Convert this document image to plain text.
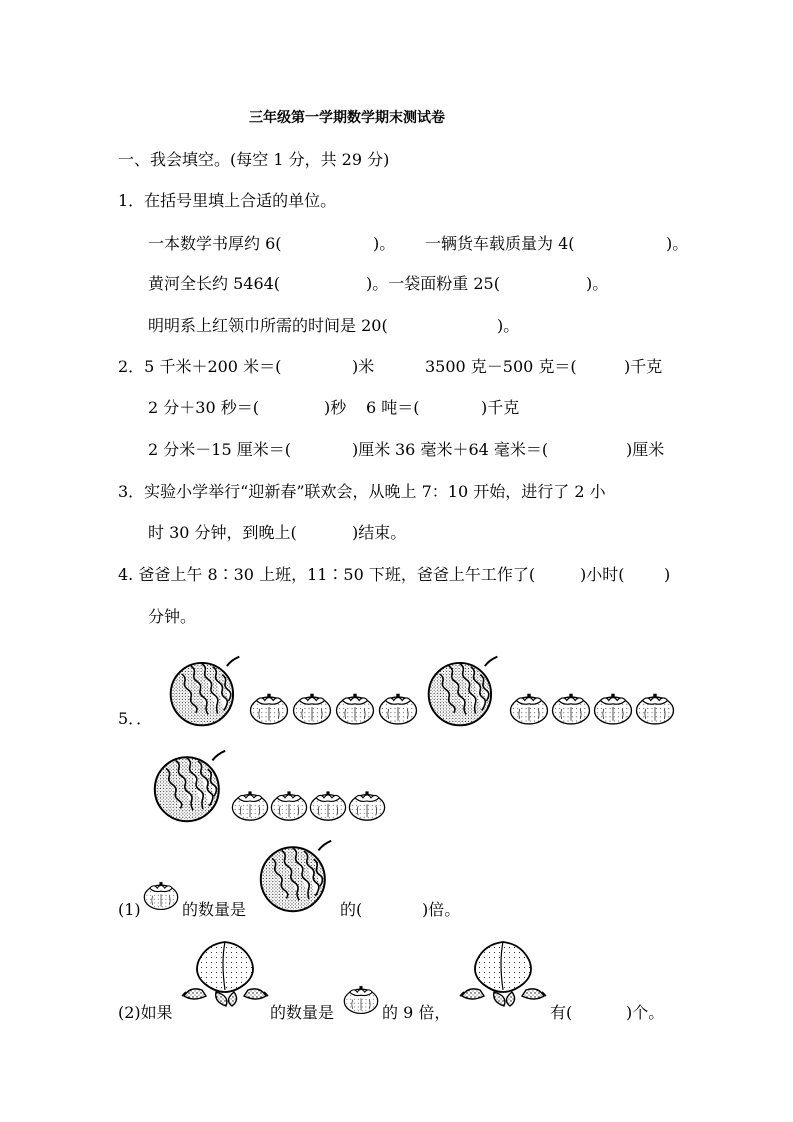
三年级第一学期数学期末测试卷
一、我会填空。(每空 1 分，共 29 分)
1．在括号里填上合适的单位。
一本数学书厚约 6(	)。 一辆货车载质量为 4(	)。
黄河全长约 5464(	)。一袋面粉重 25(	)。
明明系上红领巾所需的时间是 20(	)。
2．5 千米＋200 米＝(	)米	3500 克－500 克＝(	)千克
2 分＋30 秒＝(	)秒 6 吨＝(	)千克
2 分米－15 厘米＝(	)厘米 36 毫米＋64 毫米＝(	)厘米
3．实验小学举行“迎新春”联欢会，从晚上 7：10 开始，进行了 2 小
时 30 分钟，到晚上(	)结束。
4. 爸爸上午 8∶30 上班，11∶50 下班，爸爸上午工作了(	)小时( )
分钟。
5．．
(1)	的数量是	的(	)倍。
(2)如果	的数量是	的 9 倍，	有(	)个。
